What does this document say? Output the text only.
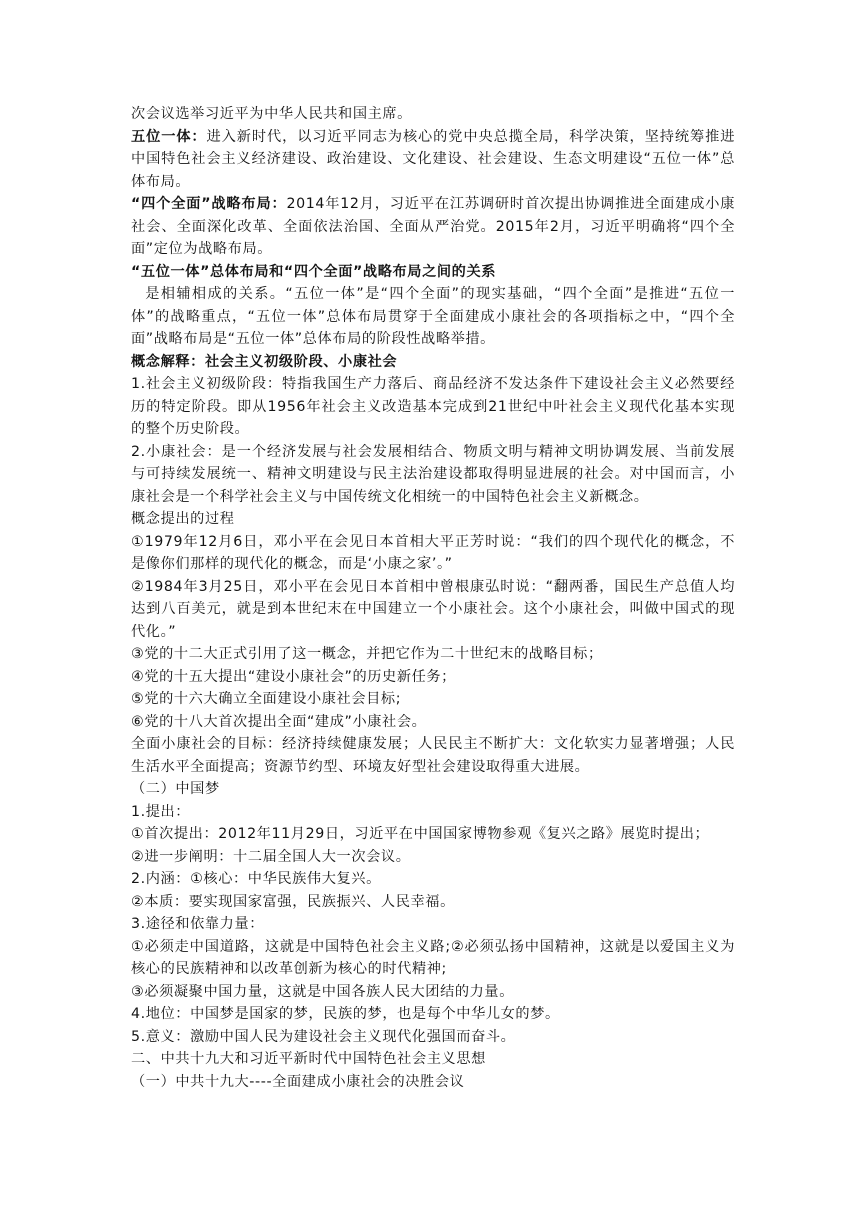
次会议选举习近平为中华人民共和国主席。

五位一体：进入新时代，以习近平同志为核心的党中央总揽全局，科学决策，坚持统筹推进中国特色社会主义经济建设、政治建设、文化建设、社会建设、生态文明建设“五位一体”总体布局。

“四个全面”战略布局：2014年12月，习近平在江苏调研时首次提出协调推进全面建成小康社会、全面深化改革、全面依法治国、全面从严治党。2015年2月，习近平明确将“四个全面”定位为战略布局。

“五位一体”总体布局和“四个全面”战略布局之间的关系

是相辅相成的关系。“五位一体”是“四个全面”的现实基础，“四个全面”是推进“五位一体”的战略重点，“五位一体”总体布局贯穿于全面建成小康社会的各项指标之中，“四个全面”战略布局是“五位一体”总体布局的阶段性战略举措。

概念解释：社会主义初级阶段、小康社会

1.社会主义初级阶段：特指我国生产力落后、商品经济不发达条件下建设社会主义必然要经历的特定阶段。即从1956年社会主义改造基本完成到21世纪中叶社会主义现代化基本实现的整个历史阶段。

2.小康社会：是一个经济发展与社会发展相结合、物质文明与精神文明协调发展、当前发展与可持续发展统一、精神文明建设与民主法治建设都取得明显进展的社会。对中国而言，小康社会是一个科学社会主义与中国传统文化相统一的中国特色社会主义新概念。

概念提出的过程

①1979年12月6日，邓小平在会见日本首相大平正芳时说：“我们的四个现代化的概念，不是像你们那样的现代化的概念，而是‘小康之家’。”

②1984年3月25日，邓小平在会见日本首相中曾根康弘时说：“翻两番，国民生产总值人均达到八百美元，就是到本世纪末在中国建立一个小康社会。这个小康社会，叫做中国式的现代化。”

③党的十二大正式引用了这一概念，并把它作为二十世纪末的战略目标；

④党的十五大提出“建设小康社会”的历史新任务；

⑤党的十六大确立全面建设小康社会目标;

⑥党的十八大首次提出全面“建成”小康社会。

全面小康社会的目标：经济持续健康发展；人民民主不断扩大：文化软实力显著增强；人民生活水平全面提高；资源节约型、环境友好型社会建设取得重大进展。

（二）中国梦

1.提出：

①首次提出：2012年11月29日，习近平在中国国家博物参观《复兴之路》展览时提出；

②进一步阐明：十二届全国人大一次会议。

2.内涵：①核心：中华民族伟大复兴。

②本质：要实现国家富强，民族振兴、人民幸福。

3.途径和依靠力量：

①必须走中国道路，这就是中国特色社会主义路;②必须弘扬中国精神，这就是以爱国主义为核心的民族精神和以改革创新为核心的时代精神;

③必须凝聚中国力量，这就是中国各族人民大团结的力量。

4.地位：中国梦是国家的梦，民族的梦，也是每个中华儿女的梦。

5.意义：激励中国人民为建设社会主义现代化强国而奋斗。

二、中共十九大和习近平新时代中国特色社会主义思想

（一）中共十九大----全面建成小康社会的决胜会议
